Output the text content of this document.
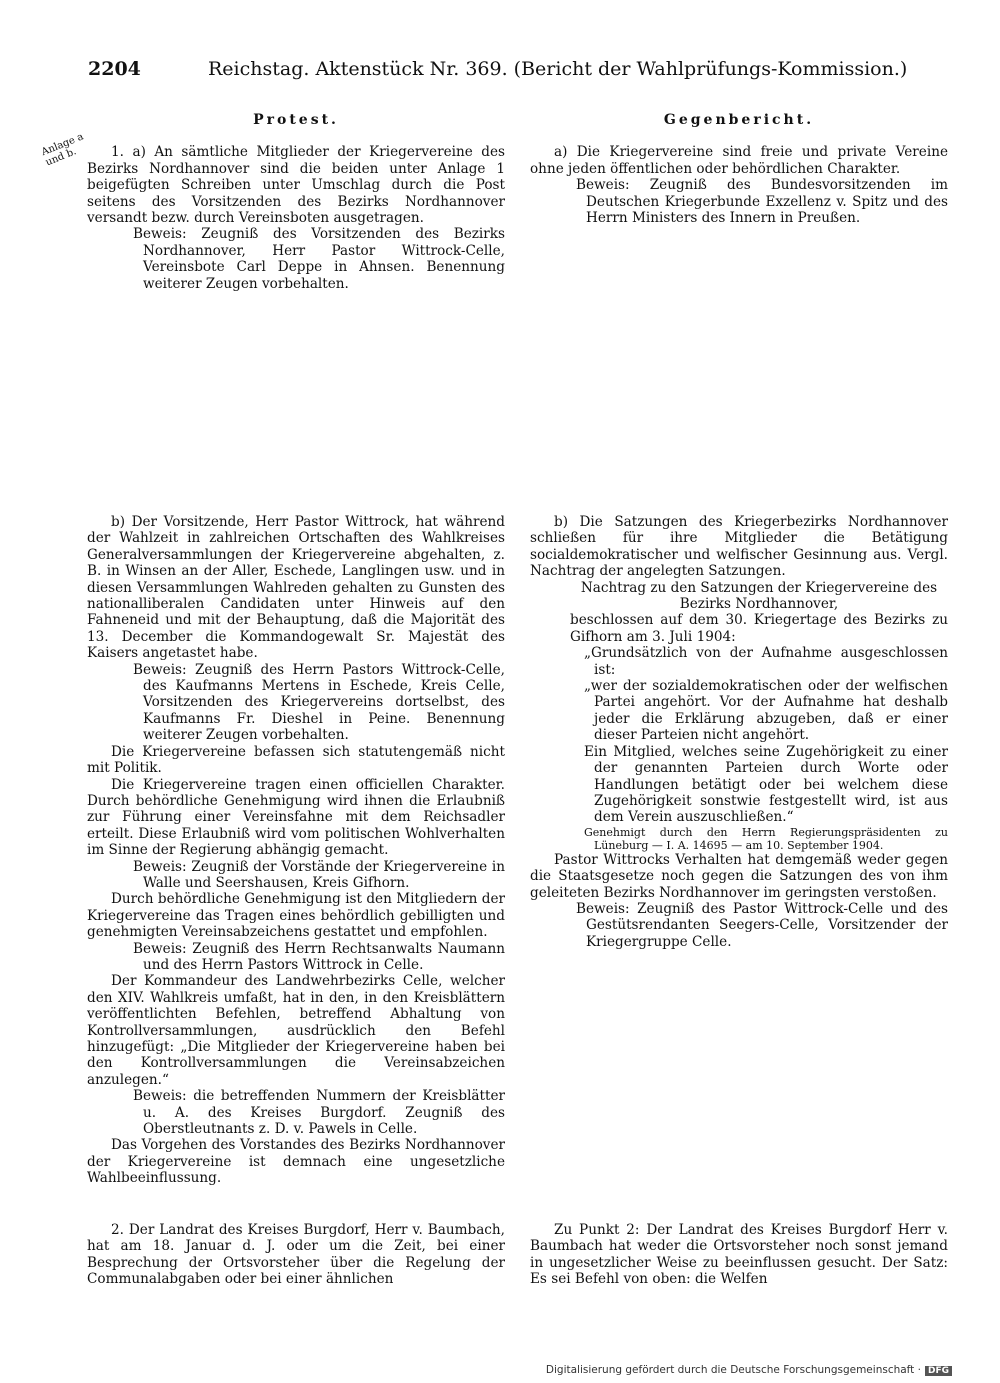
2204	Reichstag. Aktenstück Nr. 369. (Bericht der Wahlprüfungs-Kommission.)
Anlage a und b.

Protest.

1. a) An sämtliche Mitglieder der Kriegervereine des Bezirks Nordhannover sind die beiden unter Anlage 1 beigefügten Schreiben unter Umschlag durch die Post seitens des Vorsitzenden des Bezirks Nordhannover versandt bezw. durch Vereinsboten ausgetragen.

Beweis: Zeugniß des Vorsitzenden des Bezirks Nordhannover, Herr Pastor Wittrock-Celle, Vereinsbote Carl Deppe in Ahnsen. Benennung weiterer Zeugen vorbehalten.

Gegenbericht.

a) Die Kriegervereine sind freie und private Vereine ohne jeden öffentlichen oder behördlichen Charakter.

Beweis: Zeugniß des Bundesvorsitzenden im Deutschen Kriegerbunde Exzellenz v. Spitz und des Herrn Ministers des Innern in Preußen.

b) Der Vorsitzende, Herr Pastor Wittrock, hat während der Wahlzeit in zahlreichen Ortschaften des Wahlkreises Generalversammlungen der Kriegervereine abgehalten, z. B. in Winsen an der Aller, Eschede, Langlingen usw. und in diesen Versammlungen Wahlreden gehalten zu Gunsten des nationalliberalen Candidaten unter Hinweis auf den Fahneneid und mit der Behauptung, daß die Majorität des 13. December die Kommandogewalt Sr. Majestät des Kaisers angetastet habe.

Beweis: Zeugniß des Herrn Pastors Wittrock-Celle, des Kaufmanns Mertens in Eschede, Kreis Celle, Vorsitzenden des Kriegervereins dortselbst, des Kaufmanns Fr. Dieshel in Peine. Benennung weiterer Zeugen vorbehalten.

Die Kriegervereine befassen sich statutengemäß nicht mit Politik.

Die Kriegervereine tragen einen officiellen Charakter. Durch behördliche Genehmigung wird ihnen die Erlaubniß zur Führung einer Vereinsfahne mit dem Reichsadler erteilt. Diese Erlaubniß wird vom politischen Wohlverhalten im Sinne der Regierung abhängig gemacht.

Beweis: Zeugniß der Vorstände der Kriegervereine in Walle und Seershausen, Kreis Gifhorn.

Durch behördliche Genehmigung ist den Mitgliedern der Kriegervereine das Tragen eines behördlich gebilligten und genehmigten Vereinsabzeichens gestattet und empfohlen.

Beweis: Zeugniß des Herrn Rechtsanwalts Naumann und des Herrn Pastors Wittrock in Celle.

Der Kommandeur des Landwehrbezirks Celle, welcher den XIV. Wahlkreis umfaßt, hat in den, in den Kreisblättern veröffentlichten Befehlen, betreffend Abhaltung von Kontrollversammlungen, ausdrücklich den Befehl hinzugefügt: „Die Mitglieder der Kriegervereine haben bei den Kontrollversammlungen die Vereinsabzeichen anzulegen.“

Beweis: die betreffenden Nummern der Kreisblätter u. A. des Kreises Burgdorf. Zeugniß des Oberstleutnants z. D. v. Pawels in Celle.

Das Vorgehen des Vorstandes des Bezirks Nordhannover der Kriegervereine ist demnach eine ungesetzliche Wahlbeeinflussung.

b) Die Satzungen des Kriegerbezirks Nordhannover schließen für ihre Mitglieder die Betätigung socialdemokratischer und welfischer Gesinnung aus. Vergl. Nachtrag der angelegten Satzungen.

Nachtrag zu den Satzungen der Kriegervereine des Bezirks Nordhannover,

beschlossen auf dem 30. Kriegertage des Bezirks zu Gifhorn am 3. Juli 1904:

„Grundsätzlich von der Aufnahme ausgeschlossen ist:

„wer der sozialdemokratischen oder der welfischen Partei angehört. Vor der Aufnahme hat deshalb jeder die Erklärung abzugeben, daß er einer dieser Parteien nicht angehört.

Ein Mitglied, welches seine Zugehörigkeit zu einer der genannten Parteien durch Worte oder Handlungen betätigt oder bei welchem diese Zugehörigkeit sonstwie festgestellt wird, ist aus dem Verein auszuschließen.“

Genehmigt durch den Herrn Regierungspräsidenten zu Lüneburg — I. A. 14695 — am 10. September 1904.

Pastor Wittrocks Verhalten hat demgemäß weder gegen die Staatsgesetze noch gegen die Satzungen des von ihm geleiteten Bezirks Nordhannover im geringsten verstoßen.

Beweis: Zeugniß des Pastor Wittrock-Celle und des Gestütsrendanten Seegers-Celle, Vorsitzender der Kriegergruppe Celle.

2. Der Landrat des Kreises Burgdorf, Herr v. Baumbach, hat am 18. Januar d. J. oder um die Zeit, bei einer Besprechung der Ortsvorsteher über die Regelung der Communalabgaben oder bei einer ähnlichen

Zu Punkt 2: Der Landrat des Kreises Burgdorf Herr v. Baumbach hat weder die Ortsvorsteher noch sonst jemand in ungesetzlicher Weise zu beeinflussen gesucht. Der Satz: Es sei Befehl von oben: die Welfen

Digitalisierung gefördert durch die Deutsche Forschungsgemeinschaft · DFG
